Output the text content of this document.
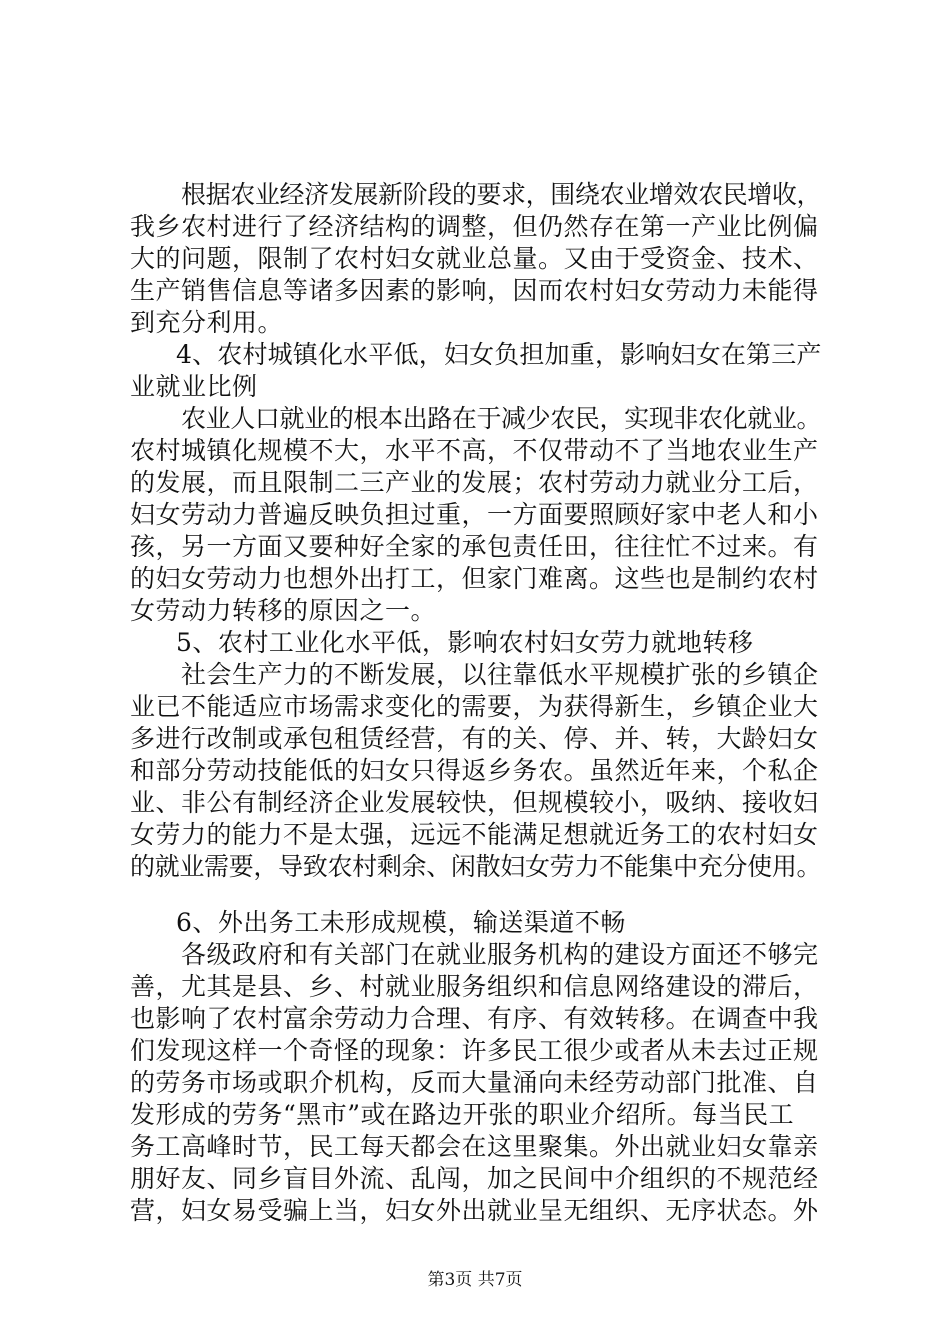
根据农业经济发展新阶段的要求，围绕农业增效农民增收，

我乡农村进行了经济结构的调整，但仍然存在第一产业比例偏

大的问题，限制了农村妇女就业总量。又由于受资金、技术、

生产销售信息等诸多因素的影响，因而农村妇女劳动力未能得

到充分利用。

4、农村城镇化水平低，妇女负担加重，影响妇女在第三产

业就业比例

农业人口就业的根本出路在于减少农民，实现非农化就业。

农村城镇化规模不大，水平不高，不仅带动不了当地农业生产

的发展，而且限制二三产业的发展；农村劳动力就业分工后，

妇女劳动力普遍反映负担过重，一方面要照顾好家中老人和小

孩，另一方面又要种好全家的承包责任田，往往忙不过来。有

的妇女劳动力也想外出打工，但家门难离。这些也是制约农村

女劳动力转移的原因之一。

5、农村工业化水平低，影响农村妇女劳力就地转移

社会生产力的不断发展，以往靠低水平规模扩张的乡镇企

业已不能适应市场需求变化的需要，为获得新生，乡镇企业大

多进行改制或承包租赁经营，有的关、停、并、转，大龄妇女

和部分劳动技能低的妇女只得返乡务农。虽然近年来，个私企

业、非公有制经济企业发展较快，但规模较小，吸纳、接收妇

女劳力的能力不是太强，远远不能满足想就近务工的农村妇女

的就业需要，导致农村剩余、闲散妇女劳力不能集中充分使用。

6、外出务工未形成规模，输送渠道不畅

各级政府和有关部门在就业服务机构的建设方面还不够完

善，尤其是县、乡、村就业服务组织和信息网络建设的滞后，

也影响了农村富余劳动力合理、有序、有效转移。在调查中我

们发现这样一个奇怪的现象：许多民工很少或者从未去过正规

的劳务市场或职介机构，反而大量涌向未经劳动部门批准、自

发形成的劳务“黑市”或在路边开张的职业介绍所。每当民工

务工高峰时节，民工每天都会在这里聚集。外出就业妇女靠亲

朋好友、同乡盲目外流、乱闯，加之民间中介组织的不规范经

营，妇女易受骗上当，妇女外出就业呈无组织、无序状态。外

第3页 共7页
